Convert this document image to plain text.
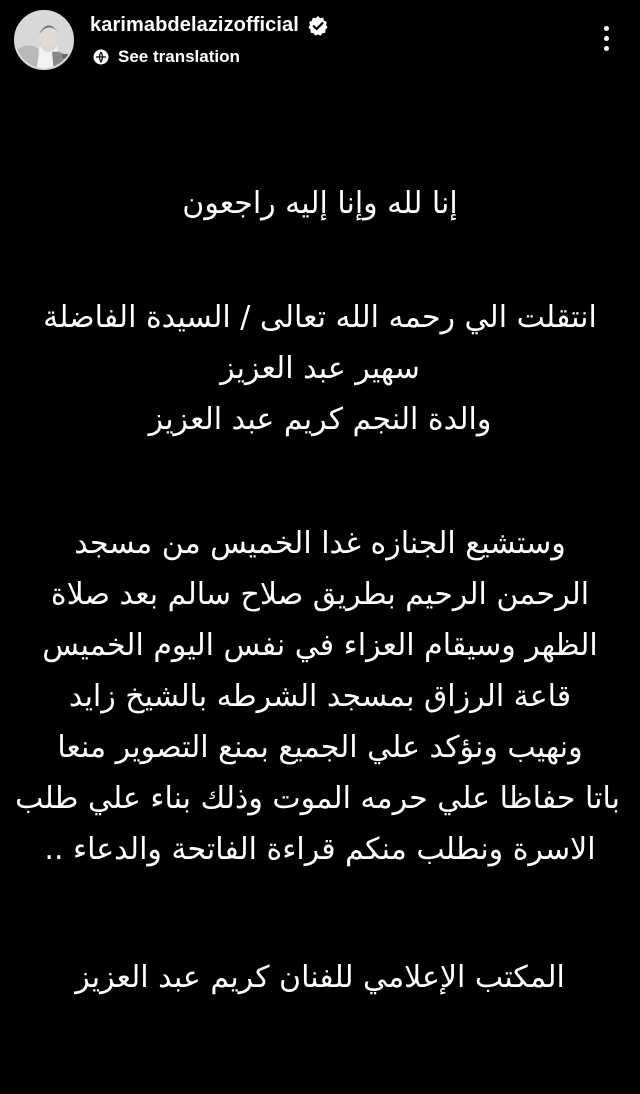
karimabdelazizofficial
See translation
إنا لله وإنا إليه راجعون
انتقلت الي رحمه الله تعالى / السيدة الفاضلة
سهير عبد العزيز
والدة النجم كريم عبد العزيز
وستشيع الجنازه غدا الخميس من مسجد
الرحمن الرحيم بطريق صلاح سالم بعد صلاة
الظهر وسيقام العزاء في نفس اليوم الخميس
قاعة الرزاق بمسجد الشرطه بالشيخ زايد
ونهيب ونؤكد علي الجميع بمنع التصوير منعا
باتا حفاظا علي حرمه الموت وذلك بناء علي طلب
الاسرة ونطلب منكم قراءة الفاتحة والدعاء ..
المكتب الإعلامي للفنان كريم عبد العزيز
